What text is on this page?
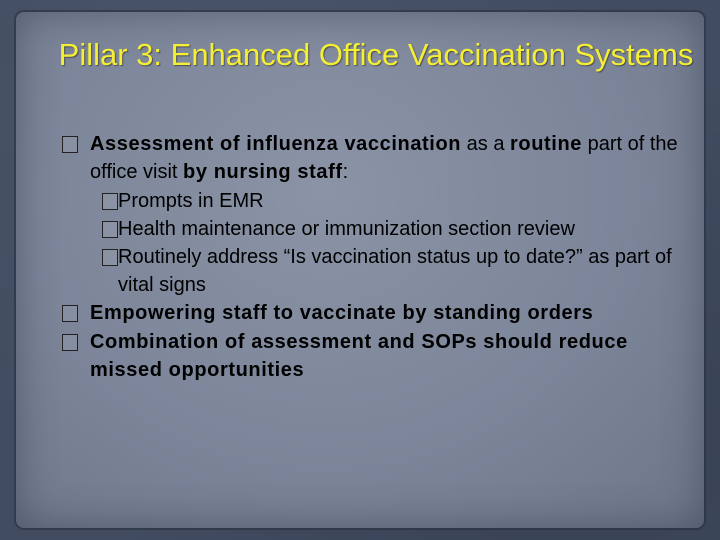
Pillar 3: Enhanced Office Vaccination Systems
Assessment of influenza vaccination as a routine part of the office visit by nursing staff:
Prompts in EMR
Health maintenance or immunization section review
Routinely address “Is vaccination status up to date?” as part of vital signs
Empowering staff to vaccinate by standing orders
Combination of assessment and SOPs should reduce missed opportunities
